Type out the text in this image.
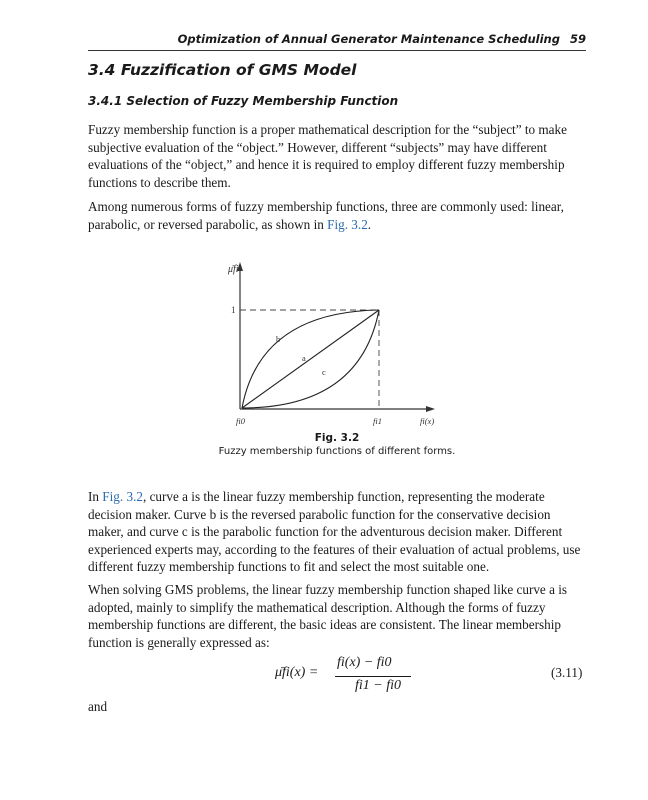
Optimization of Annual Generator Maintenance Scheduling 59
3.4 Fuzzification of GMS Model
3.4.1 Selection of Fuzzy Membership Function

Fuzzy membership function is a proper mathematical description for the “subject” to make subjective evaluation of the “object.” However, different “subjects” may have different evaluations of the “object,” and hence it is required to employ different fuzzy membership functions to describe them.

Among numerous forms of fuzzy membership functions, three are commonly used: linear, parabolic, or reversed parabolic, as shown in Fig. 3.2.

μ̄fi
1
b
a
c
fi0	fi1	fi(x)
Fig. 3.2
Fuzzy membership functions of different forms.

In Fig. 3.2, curve a is the linear fuzzy membership function, representing the moderate decision maker. Curve b is the reversed parabolic function for the conservative decision maker, and curve c is the parabolic function for the adventurous decision maker. Different experienced experts may, according to the features of their evaluation of actual problems, use different fuzzy membership functions to fit and select the most suitable one.

When solving GMS problems, the linear fuzzy membership function shaped like curve a is adopted, mainly to simplify the mathematical description. Although the forms of fuzzy membership functions are different, the basic ideas are consistent. The linear membership function is generally expressed as:

μ̄fi(x) =
fi(x) − fi0
fi1 − fi0
(3.11)
and
